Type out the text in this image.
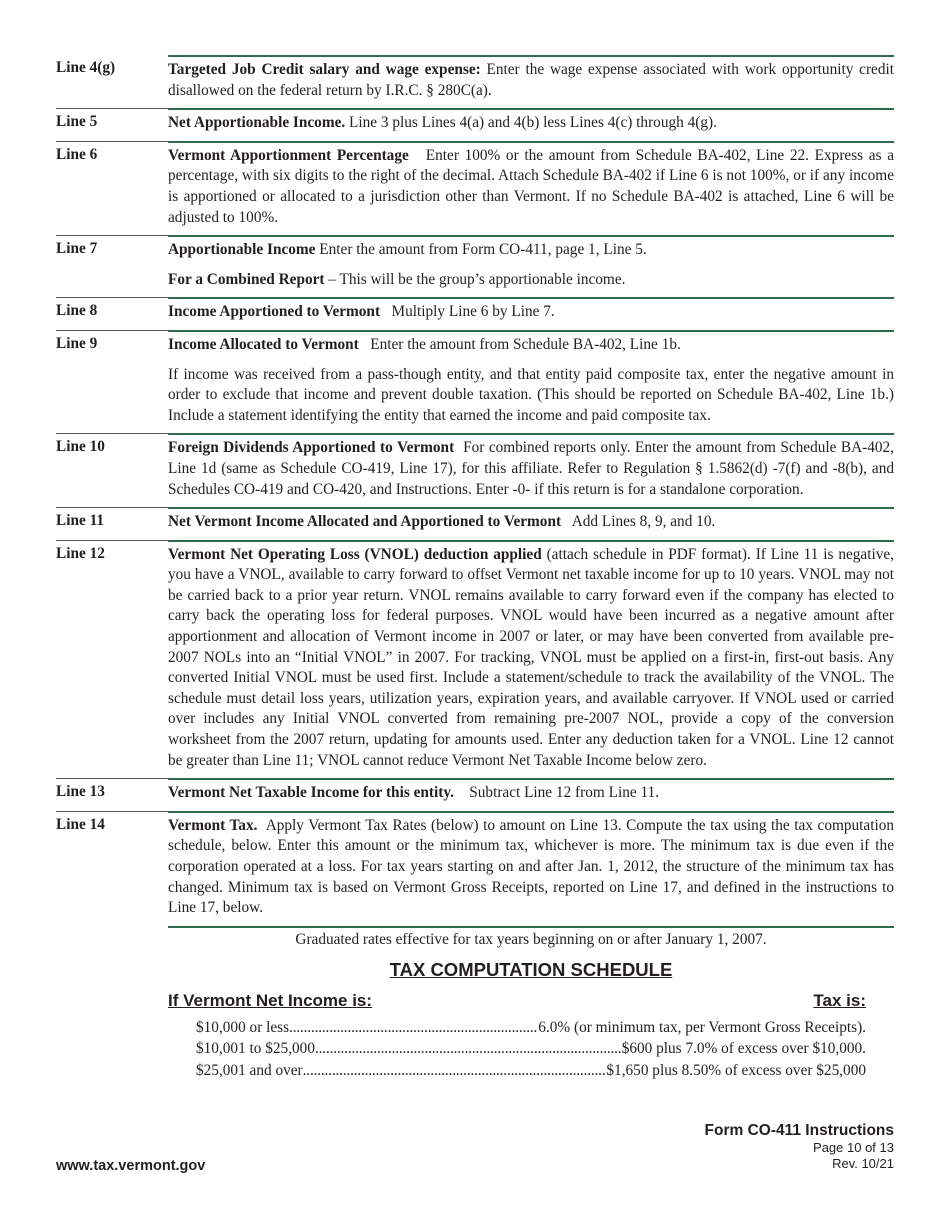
Line 4(g)	Targeted Job Credit salary and wage expense: Enter the wage expense associated with work opportunity credit disallowed on the federal return by I.R.C. § 280C(a).

Line 5	Net Apportionable Income. Line 3 plus Lines 4(a) and 4(b) less Lines 4(c) through 4(g).

Line 6	Vermont Apportionment Percentage Enter 100% or the amount from Schedule BA-402, Line 22. Express as a percentage, with six digits to the right of the decimal. Attach Schedule BA-402 if Line 6 is not 100%, or if any income is apportioned or allocated to a jurisdiction other than Vermont. If no Schedule BA-402 is attached, Line 6 will be adjusted to 100%.

Line 7	Apportionable Income Enter the amount from Form CO-411, page 1, Line 5.

For a Combined Report – This will be the group’s apportionable income.

Line 8	Income Apportioned to Vermont Multiply Line 6 by Line 7.

Line 9	Income Allocated to Vermont Enter the amount from Schedule BA-402, Line 1b.

If income was received from a pass-though entity, and that entity paid composite tax, enter the negative amount in order to exclude that income and prevent double taxation. (This should be reported on Schedule BA-402, Line 1b.) Include a statement identifying the entity that earned the income and paid composite tax.

Line 10	Foreign Dividends Apportioned to Vermont For combined reports only. Enter the amount from Schedule BA-402, Line 1d (same as Schedule CO-419, Line 17), for this affiliate. Refer to Regulation § 1.5862(d) -7(f) and -8(b), and Schedules CO-419 and CO-420, and Instructions. Enter -0- if this return is for a standalone corporation.

Line 11	Net Vermont Income Allocated and Apportioned to Vermont Add Lines 8, 9, and 10.

Line 12	Vermont Net Operating Loss (VNOL) deduction applied (attach schedule in PDF format). If Line 11 is negative, you have a VNOL, available to carry forward to offset Vermont net taxable income for up to 10 years. VNOL may not be carried back to a prior year return. VNOL remains available to carry forward even if the company has elected to carry back the operating loss for federal purposes. VNOL would have been incurred as a negative amount after apportionment and allocation of Vermont income in 2007 or later, or may have been converted from available pre-2007 NOLs into an “Initial VNOL” in 2007. For tracking, VNOL must be applied on a first-in, first-out basis. Any converted Initial VNOL must be used first. Include a statement/schedule to track the availability of the VNOL. The schedule must detail loss years, utilization years, expiration years, and available carryover. If VNOL used or carried over includes any Initial VNOL converted from remaining pre-2007 NOL, provide a copy of the conversion worksheet from the 2007 return, updating for amounts used. Enter any deduction taken for a VNOL. Line 12 cannot be greater than Line 11; VNOL cannot reduce Vermont Net Taxable Income below zero.

Line 13	Vermont Net Taxable Income for this entity. Subtract Line 12 from Line 11.

Line 14	Vermont Tax. Apply Vermont Tax Rates (below) to amount on Line 13. Compute the tax using the tax computation schedule, below. Enter this amount or the minimum tax, whichever is more. The minimum tax is due even if the corporation operated at a loss. For tax years starting on and after Jan. 1, 2012, the structure of the minimum tax has changed. Minimum tax is based on Vermont Gross Receipts, reported on Line 17, and defined in the instructions to Line 17, below.

Graduated rates effective for tax years beginning on or after January 1, 2007.
TAX COMPUTATION SCHEDULE
If Vermont Net Income is:	Tax is:
$10,000 or less . . .	6.0% (or minimum tax, per Vermont Gross Receipts).
$10,001 to $25,000 . . .	$600 plus 7.0% of excess over $10,000.
$25,001 and over . . .	$1,650 plus 8.50% of excess over $25,000
Form CO-411 Instructions
Page 10 of 13
Rev. 10/21
www.tax.vermont.gov
